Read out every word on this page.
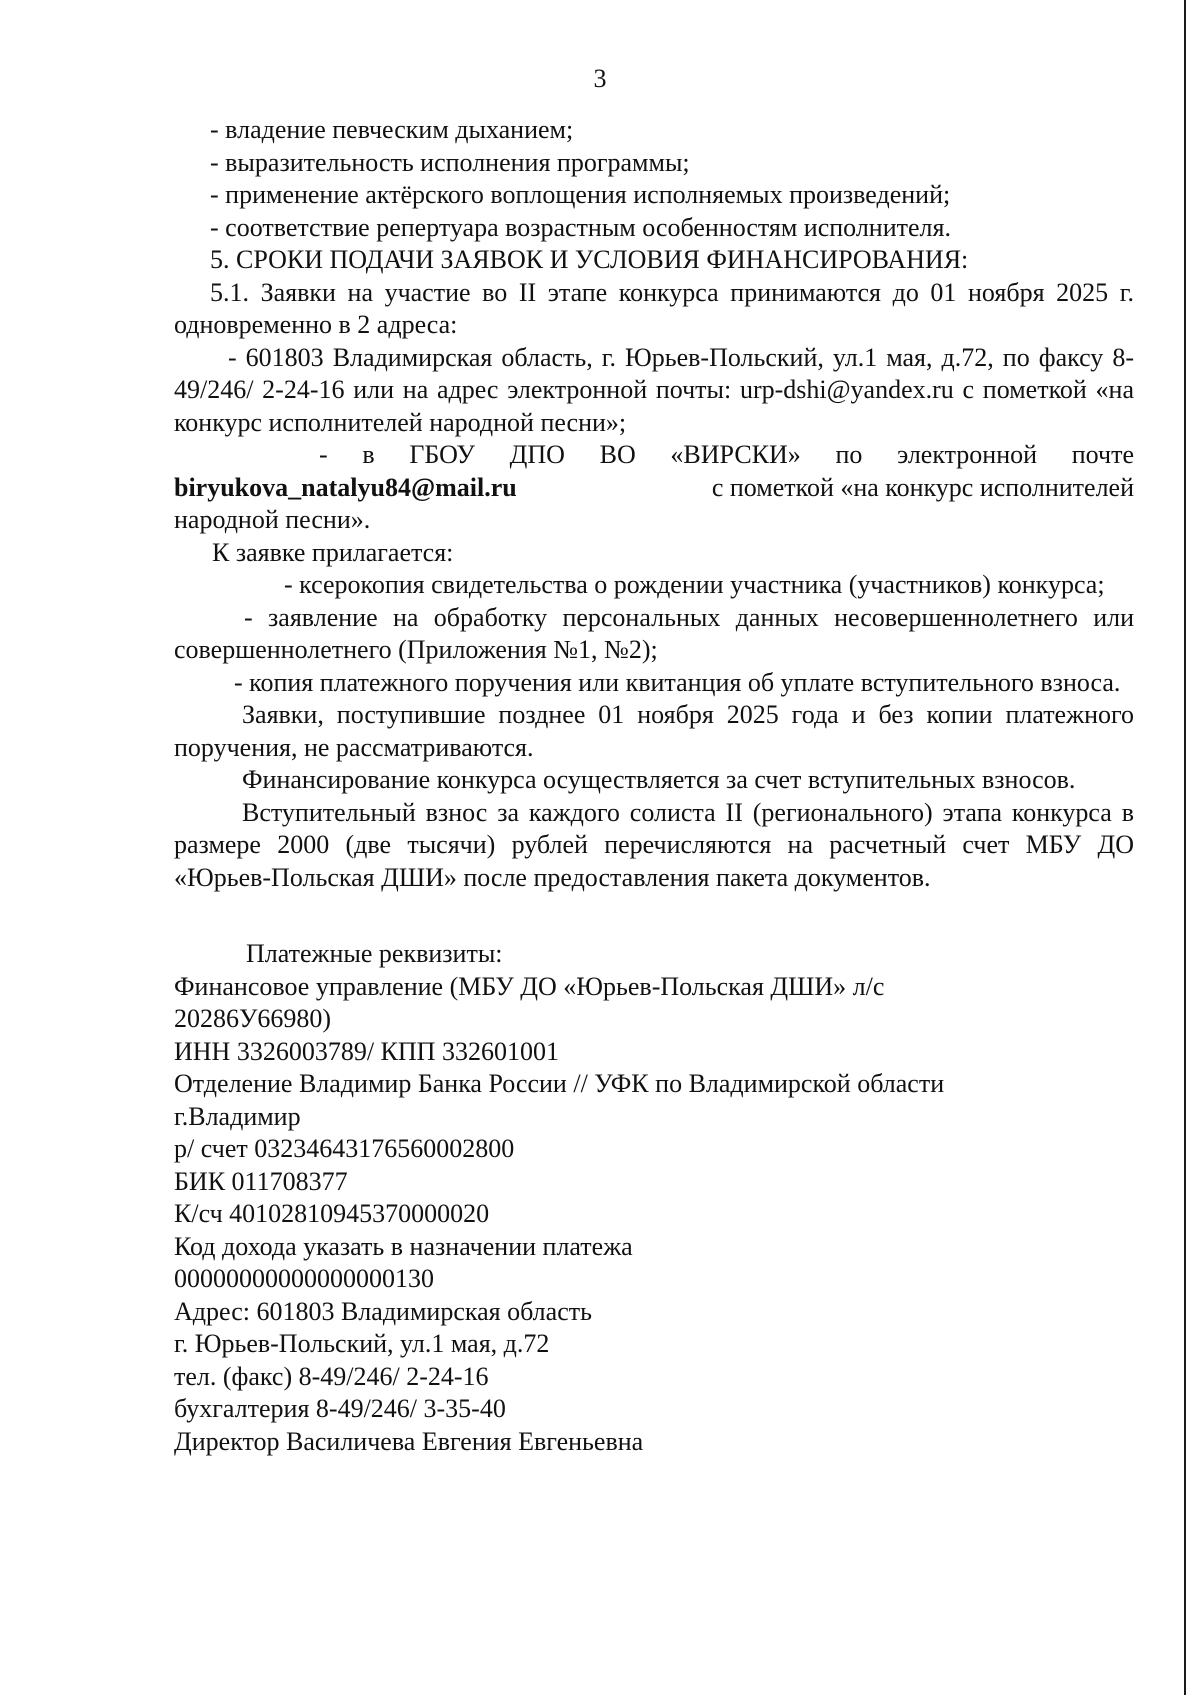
3

- владение певческим дыханием;

- выразительность исполнения программы;

- применение актёрского воплощения исполняемых произведений;

- соответствие репертуара возрастным особенностям исполнителя.

5. СРОКИ ПОДАЧИ ЗАЯВОК И УСЛОВИЯ ФИНАНСИРОВАНИЯ:

5.1. Заявки на участие во II этапе конкурса принимаются до 01 ноября 2025 г. одновременно в 2 адреса:

- 601803 Владимирская область, г. Юрьев-Польский, ул.1 мая, д.72, по факсу 8-49/246/ 2-24-16 или на адрес электронной почты: urp-dshi@yandex.ru с пометкой «на конкурс исполнителей народной песни»;

- в ГБОУ ДПО ВО «ВИРСКИ» по электронной почте

biryukova_natalyu84@mail.ru	с пометкой «на конкурс исполнителей

народной песни».

К заявке прилагается:

- ксерокопия свидетельства о рождении участника (участников) конкурса;

- заявление на обработку персональных данных несовершеннолетнего или совершеннолетнего (Приложения №1, №2);

- копия платежного поручения или квитанция об уплате вступительного взноса.

Заявки, поступившие позднее 01 ноября 2025 года и без копии платежного поручения, не рассматриваются.

Финансирование конкурса осуществляется за счет вступительных взносов.

Вступительный взнос за каждого солиста II (регионального) этапа конкурса в размере 2000 (две тысячи) рублей перечисляются на расчетный счет МБУ ДО «Юрьев-Польская ДШИ» после предоставления пакета документов.

Платежные реквизиты:

Финансовое управление (МБУ ДО «Юрьев-Польская ДШИ» л/с

20286У66980)

ИНН 3326003789/ КПП 332601001

Отделение Владимир Банка России // УФК по Владимирской области

г.Владимир

р/ счет 03234643176560002800

БИК 011708377

К/сч 40102810945370000020

Код дохода указать в назначении платежа

00000000000000000130

Адрес: 601803 Владимирская область

г. Юрьев-Польский, ул.1 мая, д.72

тел. (факс) 8-49/246/ 2-24-16

бухгалтерия 8-49/246/ 3-35-40

Директор Василичева Евгения Евгеньевна
